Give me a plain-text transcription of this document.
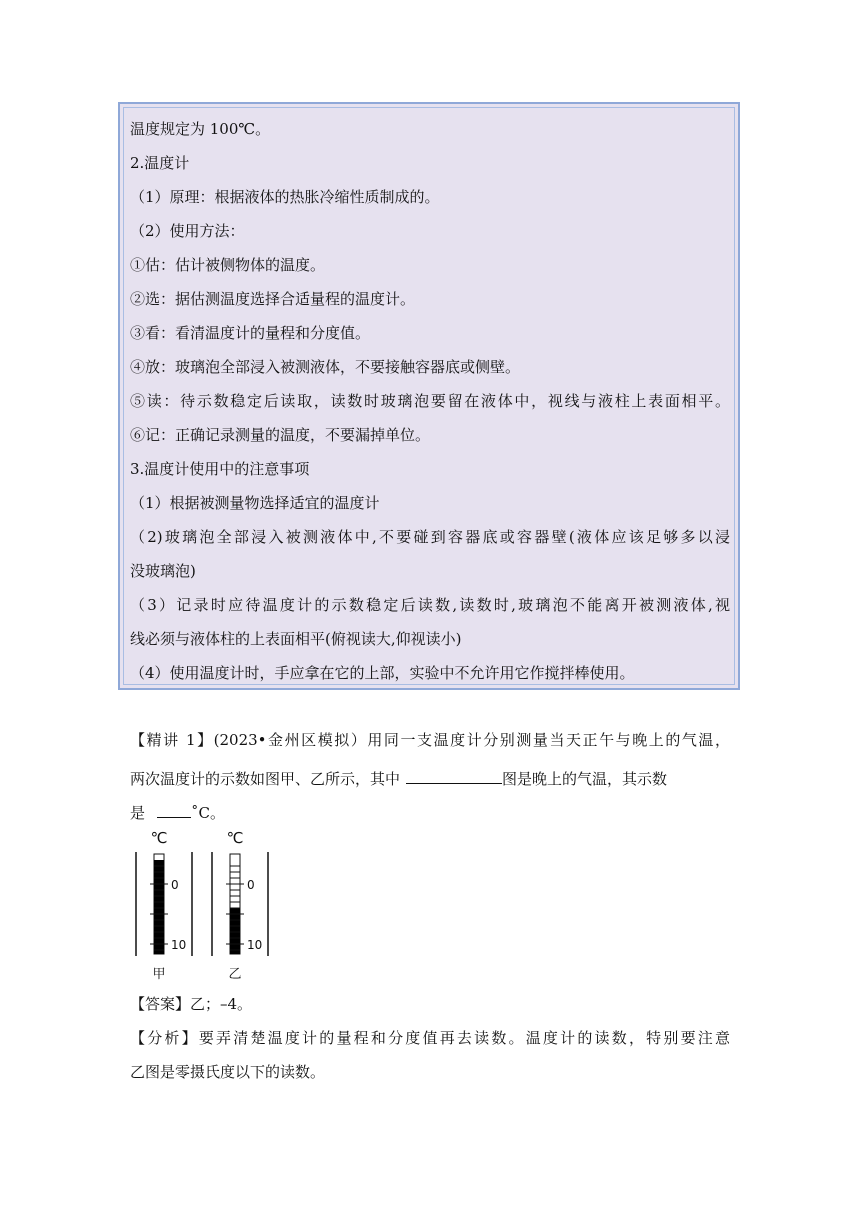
温度规定为 100℃。
2.温度计
（1）原理：根据液体的热胀冷缩性质制成的。
（2）使用方法：
①估：估计被侧物体的温度。
②选：据估测温度选择合适量程的温度计。
③看：看清温度计的量程和分度值。
④放：玻璃泡全部浸入被测液体，不要接触容器底或侧壁。
⑤读：待示数稳定后读取，读数时玻璃泡要留在液体中，视线与液柱上表面相平。
⑥记：正确记录测量的温度，不要漏掉单位。
3.温度计使用中的注意事项
（1）根据被测量物选择适宜的温度计
（2)玻璃泡全部浸入被测液体中,不要碰到容器底或容器壁(液体应该足够多以浸
没玻璃泡)
（3）记录时应待温度计的示数稳定后读数,读数时,玻璃泡不能离开被测液体,视
线必须与液体柱的上表面相平(俯视读大,仰视读小)
（4）使用温度计时，手应拿在它的上部，实验中不允许用它作搅拌棒使用。
【精讲 1】(2023•金州区模拟）用同一支温度计分别测量当天正午与晚上的气温，
两次温度计的示数如图甲、乙所示，其中	图是晚上的气温，其示数
是	˚C。
℃
0
10
甲
℃
0
10
乙
【答案】乙；–4。
【分析】要弄清楚温度计的量程和分度值再去读数。温度计的读数，特别要注意
乙图是零摄氏度以下的读数。
